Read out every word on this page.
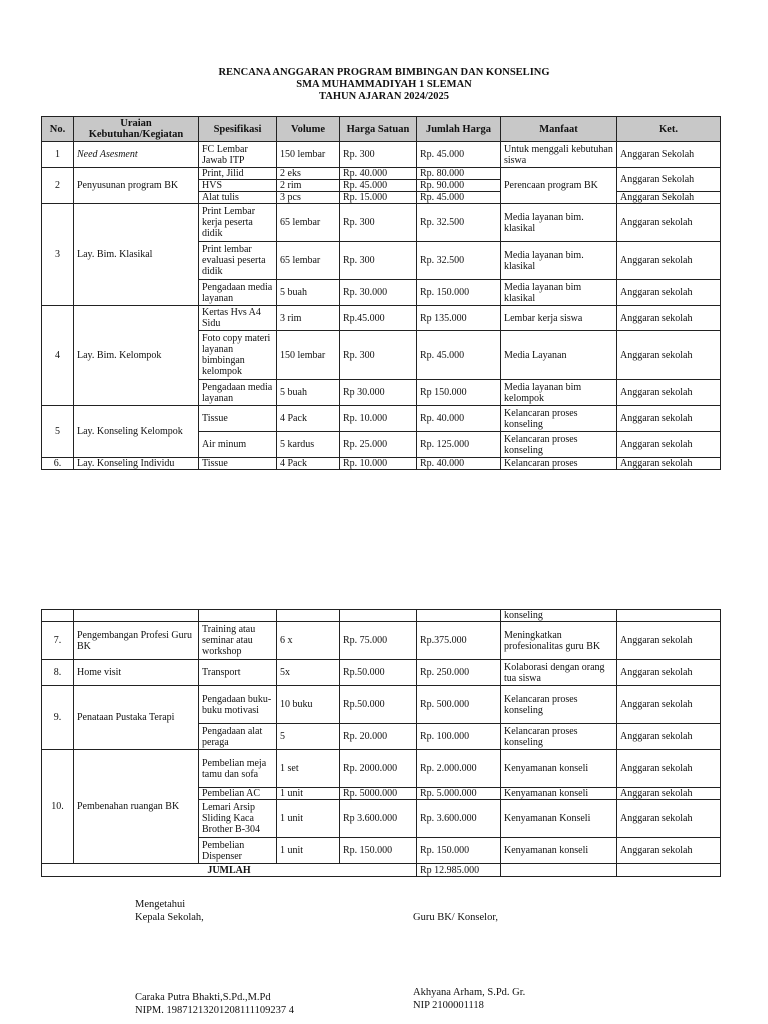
RENCANA ANGGARAN PROGRAM BIMBINGAN DAN KONSELING
SMA MUHAMMADIYAH 1 SLEMAN
TAHUN AJARAN 2024/2025
No.	Uraian Kebutuhan/Kegiatan	Spesifikasi	Volume	Harga Satuan	Jumlah Harga	Manfaat	Ket.
1	Need Asesment	FC Lembar Jawab ITP	150 lembar	Rp. 300	Rp. 45.000	Untuk menggali kebutuhan siswa	Anggaran Sekolah
2	Penyusunan program BK	Print, Jilid	2 eks	Rp. 40.000	Rp. 80.000	Perencaan program BK	Anggaran Sekolah
		HVS	2 rim	Rp. 45.000	Rp. 90.000		
		Alat tulis	3 pcs	Rp. 15.000	Rp. 45.000		Anggaran Sekolah
3	Lay. Bim. Klasikal	Print Lembar kerja peserta didik	65 lembar	Rp. 300	Rp. 32.500	Media layanan bim. klasikal	Anggaran sekolah
		Print lembar evaluasi peserta didik	65 lembar	Rp. 300	Rp. 32.500	Media layanan bim. klasikal	Anggaran sekolah
		Pengadaan media layanan	5 buah	Rp. 30.000	Rp. 150.000	Media layanan bim klasikal	Anggaran sekolah
4	Lay. Bim. Kelompok	Kertas Hvs A4 Sidu	3 rim	Rp.45.000	Rp 135.000	Lembar kerja siswa	Anggaran sekolah
		Foto copy materi layanan bimbingan kelompok	150 lembar	Rp. 300	Rp. 45.000	Media Layanan	Anggaran sekolah
		Pengadaan media layanan	5 buah	Rp 30.000	Rp 150.000	Media layanan bim kelompok	Anggaran sekolah
5	Lay. Konseling Kelompok	Tissue	4 Pack	Rp. 10.000	Rp. 40.000	Kelancaran proses konseling	Anggaran sekolah
		Air minum	5 kardus	Rp. 25.000	Rp. 125.000	Kelancaran proses konseling	Anggaran sekolah
6.	Lay. Konseling Individu	Tissue	4 Pack	Rp. 10.000	Rp. 40.000	Kelancaran proses	Anggaran sekolah
						konseling	
7.	Pengembangan Profesi Guru BK	Training atau seminar atau workshop	6 x	Rp. 75.000	Rp.375.000	Meningkatkan profesionalitas guru BK	Anggaran sekolah
8.	Home visit	Transport	5x	Rp.50.000	Rp. 250.000	Kolaborasi dengan orang tua siswa	Anggaran sekolah
9.	Penataan Pustaka Terapi	Pengadaan buku-buku motivasi	10 buku	Rp.50.000	Rp. 500.000	Kelancaran proses konseling	Anggaran sekolah
		Pengadaan alat peraga	5	Rp. 20.000	Rp. 100.000	Kelancaran proses konseling	Anggaran sekolah
10.	Pembenahan ruangan BK	Pembelian meja tamu dan sofa	1 set	Rp. 2000.000	Rp. 2.000.000	Kenyamanan konseli	Anggaran sekolah
		Pembelian AC	1 unit	Rp. 5000.000	Rp. 5.000.000	Kenyamanan konseli	Anggaran sekolah
		Lemari Arsip Sliding Kaca Brother B-304	1 unit	Rp 3.600.000	Rp. 3.600.000	Kenyamanan Konseli	Anggaran sekolah
		Pembelian Dispenser	1 unit	Rp. 150.000	Rp. 150.000	Kenyamanan konseli	Anggaran sekolah
JUMLAH					Rp 12.985.000		
Mengetahui
Kepala Sekolah,	Guru BK/ Konselor,
Caraka Putra Bhakti,S.Pd.,M.Pd
NIPM. 19871213201208111109237 4
Akhyana Arham, S.Pd. Gr.
NIP 2100001118
